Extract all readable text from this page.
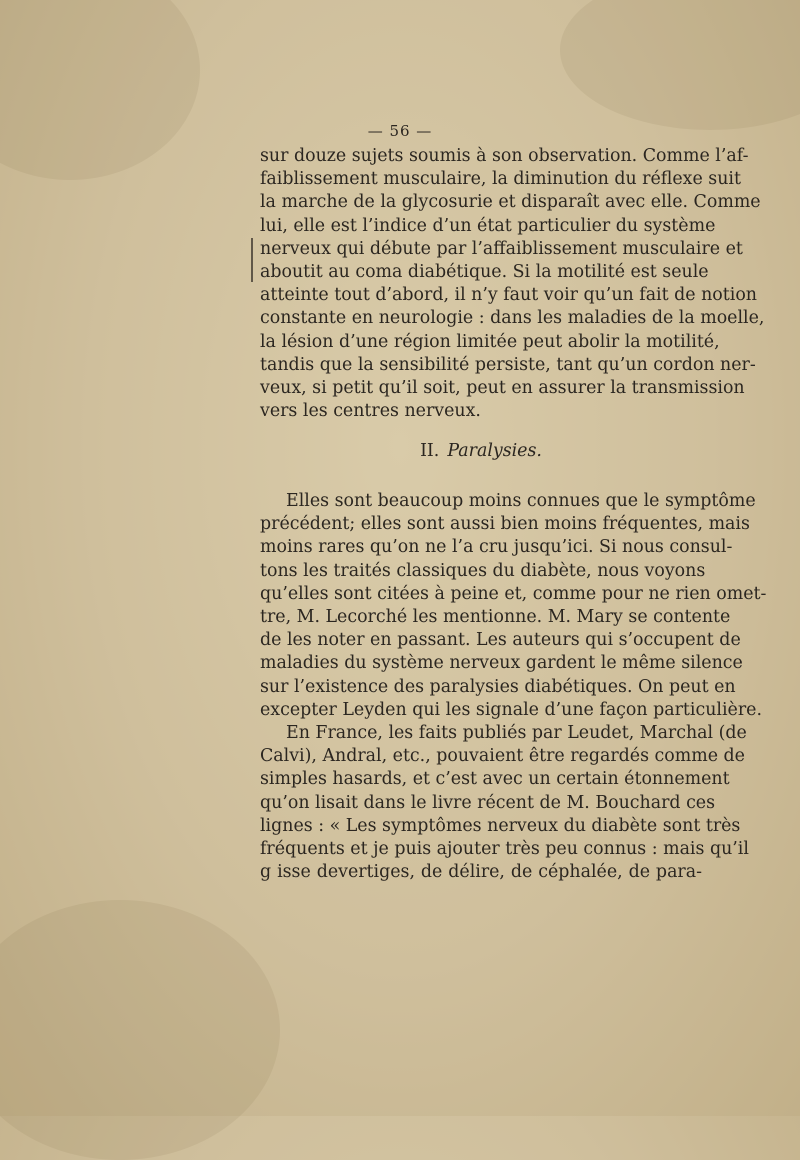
— 56 —
sur douze sujets soumis à son observation. Comme l’af-
faiblissement musculaire, la diminution du réflexe suit
la marche de la glycosurie et disparaît avec elle. Comme
lui, elle est l’indice d’un état particulier du système
nerveux qui débute par l’affaiblissement musculaire et
aboutit au coma diabétique. Si la motilité est seule
atteinte tout d’abord, il n’y faut voir qu’un fait de notion
constante en neurologie : dans les maladies de la moelle,
la lésion d’une région limitée peut abolir la motilité,
tandis que la sensibilité persiste, tant qu’un cordon ner-
veux, si petit qu’il soit, peut en assurer la transmission
vers les centres nerveux.
II. Paralysies.
Elles sont beaucoup moins connues que le symptôme
précédent; elles sont aussi bien moins fréquentes, mais
moins rares qu’on ne l’a cru jusqu’ici. Si nous consul-
tons les traités classiques du diabète, nous voyons
qu’elles sont citées à peine et, comme pour ne rien omet-
tre, M. Lecorché les mentionne. M. Mary se contente
de les noter en passant. Les auteurs qui s’occupent de
maladies du système nerveux gardent le même silence
sur l’existence des paralysies diabétiques. On peut en
excepter Leyden qui les signale d’une façon particulière.
En France, les faits publiés par Leudet, Marchal (de
Calvi), Andral, etc., pouvaient être regardés comme de
simples hasards, et c’est avec un certain étonnement
qu’on lisait dans le livre récent de M. Bouchard ces
lignes : « Les symptômes nerveux du diabète sont très
fréquents et je puis ajouter très peu connus : mais qu’il
g isse devertiges, de délire, de céphalée, de para-
